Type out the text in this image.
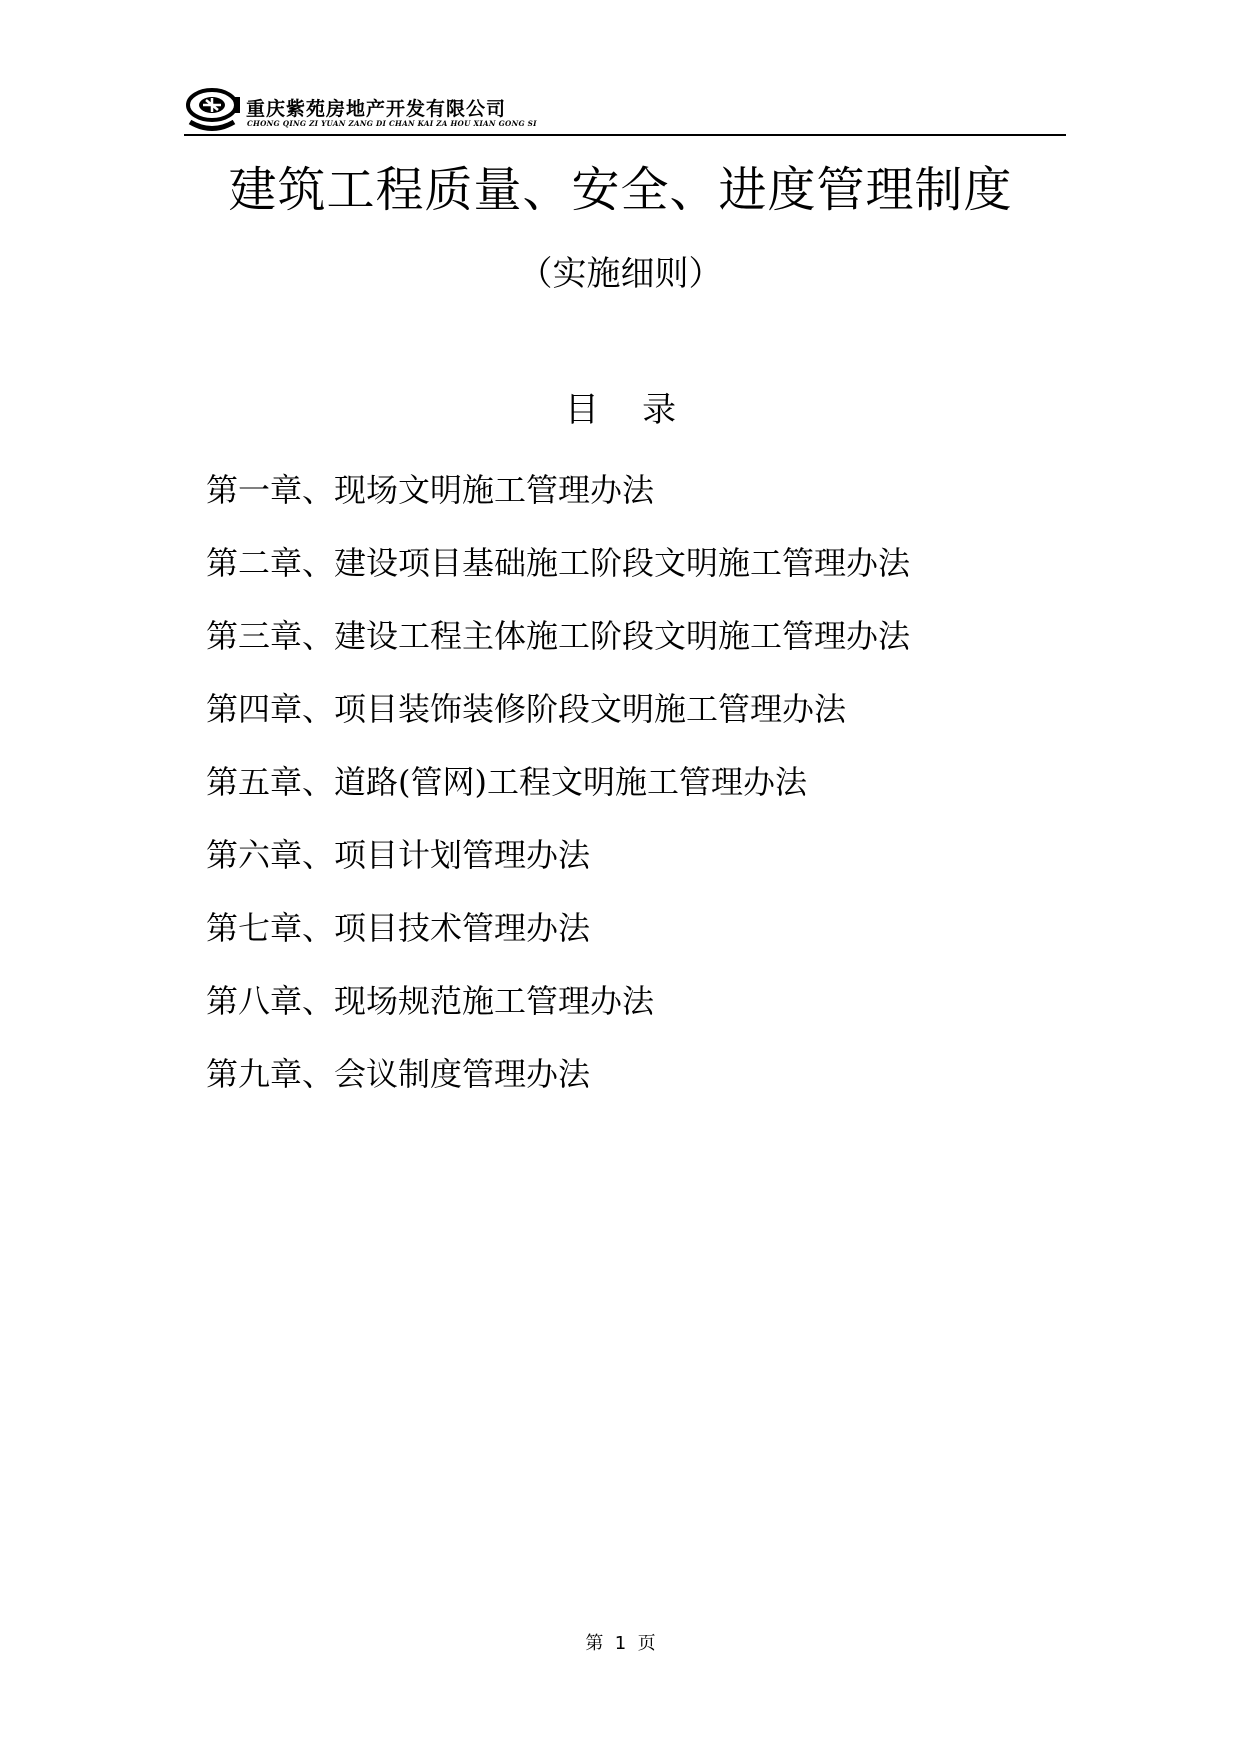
重庆紫苑房地产开发有限公司
CHONG QING ZI YUAN ZANG DI CHAN KAI ZA HOU XIAN GONG SI
建筑工程质量、安全、进度管理制度
（实施细则）
目    录
第一章、现场文明施工管理办法
第二章、建设项目基础施工阶段文明施工管理办法
第三章、建设工程主体施工阶段文明施工管理办法
第四章、项目装饰装修阶段文明施工管理办法
第五章、道路(管网)工程文明施工管理办法
第六章、项目计划管理办法
第七章、项目技术管理办法
第八章、现场规范施工管理办法
第九章、会议制度管理办法
第  1  页
